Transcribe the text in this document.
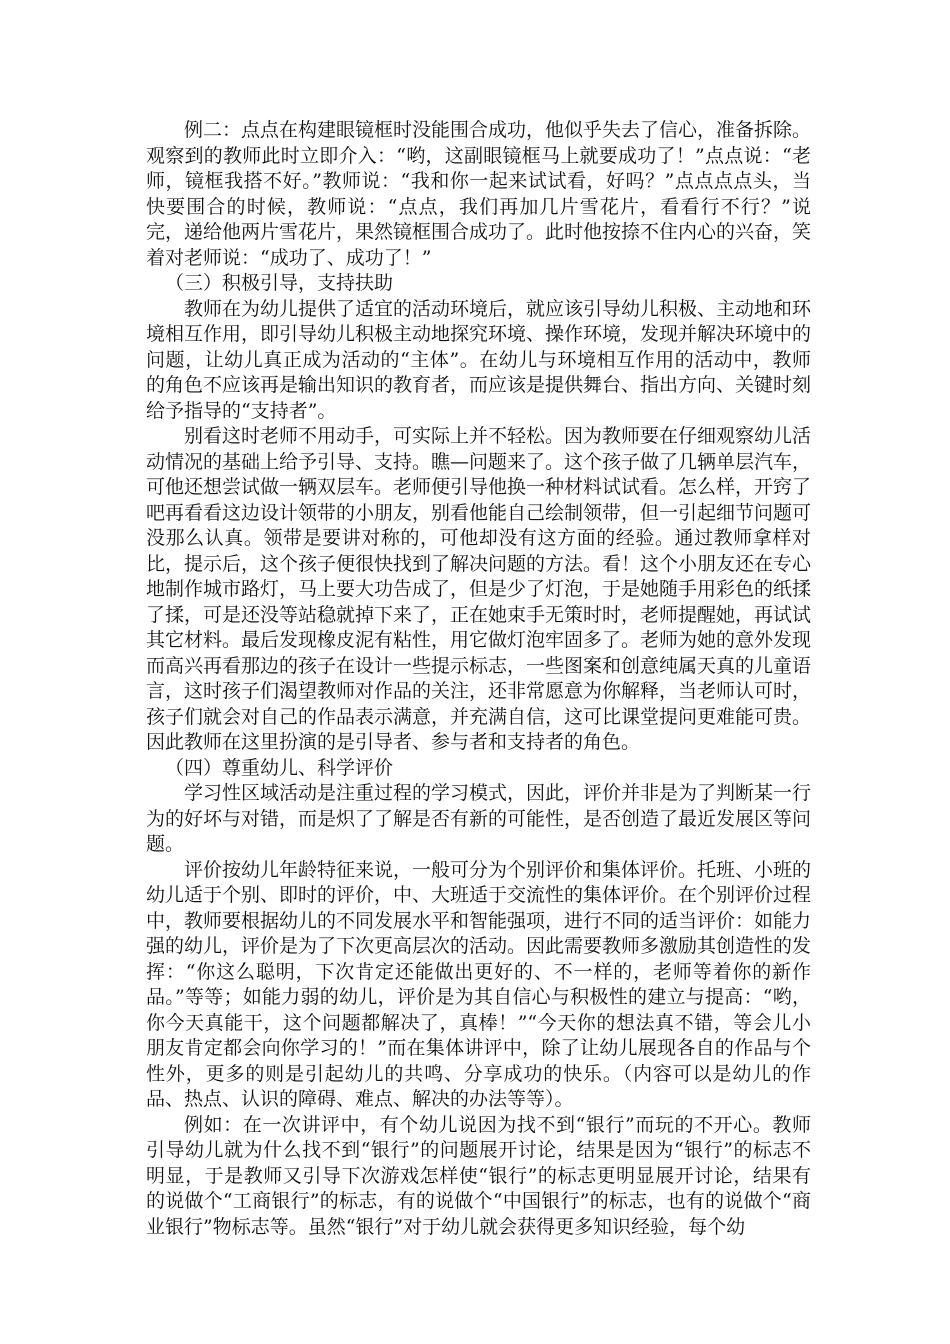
例二：点点在构建眼镜框时没能围合成功，他似乎失去了信心，准备拆除。观察到的教师此时立即介入：“哟，这副眼镜框马上就要成功了！”点点说：“老师，镜框我搭不好。”教师说：“我和你一起来试试看，好吗？”点点点点头，当快要围合的时候，教师说：“点点，我们再加几片雪花片，看看行不行？”说完，递给他两片雪花片，果然镜框围合成功了。此时他按捺不住内心的兴奋，笑着对老师说：“成功了、成功了！”

（三）积极引导，支持扶助

教师在为幼儿提供了适宜的活动环境后，就应该引导幼儿积极、主动地和环境相互作用，即引导幼儿积极主动地探究环境、操作环境，发现并解决环境中的问题，让幼儿真正成为活动的“主体”。在幼儿与环境相互作用的活动中，教师的角色不应该再是输出知识的教育者，而应该是提供舞台、指出方向、关键时刻给予指导的“支持者”。

别看这时老师不用动手，可实际上并不轻松。因为教师要在仔细观察幼儿活动情况的基础上给予引导、支持。瞧—问题来了。这个孩子做了几辆单层汽车，可他还想尝试做一辆双层车。老师便引导他换一种材料试试看。怎么样，开窍了吧再看看这边设计领带的小朋友，别看他能自己绘制领带，但一引起细节问题可没那么认真。领带是要讲对称的，可他却没有这方面的经验。通过教师拿样对比，提示后，这个孩子便很快找到了解决问题的方法。看！这个小朋友还在专心地制作城市路灯，马上要大功告成了，但是少了灯泡，于是她随手用彩色的纸揉了揉，可是还没等站稳就掉下来了，正在她束手无策时时，老师提醒她，再试试其它材料。最后发现橡皮泥有粘性，用它做灯泡牢固多了。老师为她的意外发现而高兴再看那边的孩子在设计一些提示标志，一些图案和创意纯属天真的儿童语言，这时孩子们渴望教师对作品的关注，还非常愿意为你解释，当老师认可时，孩子们就会对自己的作品表示满意，并充满自信，这可比课堂提问更难能可贵。因此教师在这里扮演的是引导者、参与者和支持者的角色。

（四）尊重幼儿、科学评价

学习性区域活动是注重过程的学习模式，因此，评价并非是为了判断某一行为的好坏与对错，而是炽了了解是否有新的可能性，是否创造了最近发展区等问题。

评价按幼儿年龄特征来说，一般可分为个别评价和集体评价。托班、小班的幼儿适于个别、即时的评价，中、大班适于交流性的集体评价。在个别评价过程中，教师要根据幼儿的不同发展水平和智能强项，进行不同的适当评价：如能力强的幼儿，评价是为了下次更高层次的活动。因此需要教师多激励其创造性的发挥：“你这么聪明，下次肯定还能做出更好的、不一样的，老师等着你的新作品。”等等；如能力弱的幼儿，评价是为其自信心与积极性的建立与提高：“哟，你今天真能干，这个问题都解决了，真棒！”“今天你的想法真不错，等会儿小朋友肯定都会向你学习的！”而在集体讲评中，除了让幼儿展现各自的作品与个性外，更多的则是引起幼儿的共鸣、分享成功的快乐。（内容可以是幼儿的作品、热点、认识的障碍、难点、解决的办法等等）。

例如：在一次讲评中，有个幼儿说因为找不到“银行”而玩的不开心。教师引导幼儿就为什么找不到“银行”的问题展开讨论，结果是因为“银行”的标志不明显，于是教师又引导下次游戏怎样使“银行”的标志更明显展开讨论，结果有的说做个“工商银行”的标志，有的说做个“中国银行”的标志，也有的说做个“商业银行”物标志等。虽然“银行”对于幼儿就会获得更多知识经验，每个幼
